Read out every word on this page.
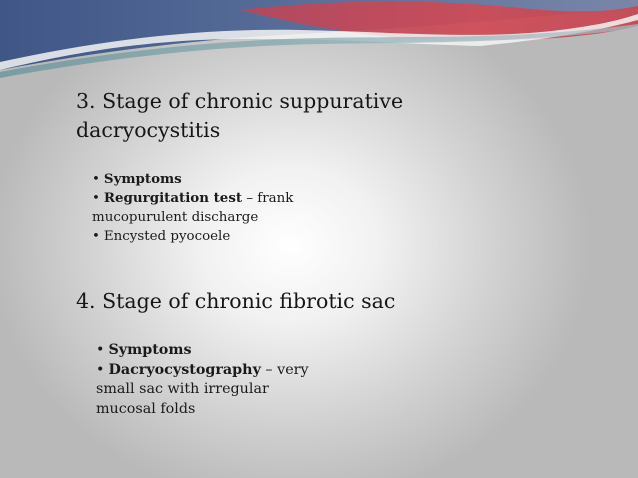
3. Stage of chronic suppurative
dacryocystitis
• Symptoms
• Regurgitation test – frank
mucopurulent discharge
• Encysted pyocoele
4. Stage of chronic fibrotic sac
• Symptoms
• Dacryocystography – very
small sac with irregular
mucosal folds
